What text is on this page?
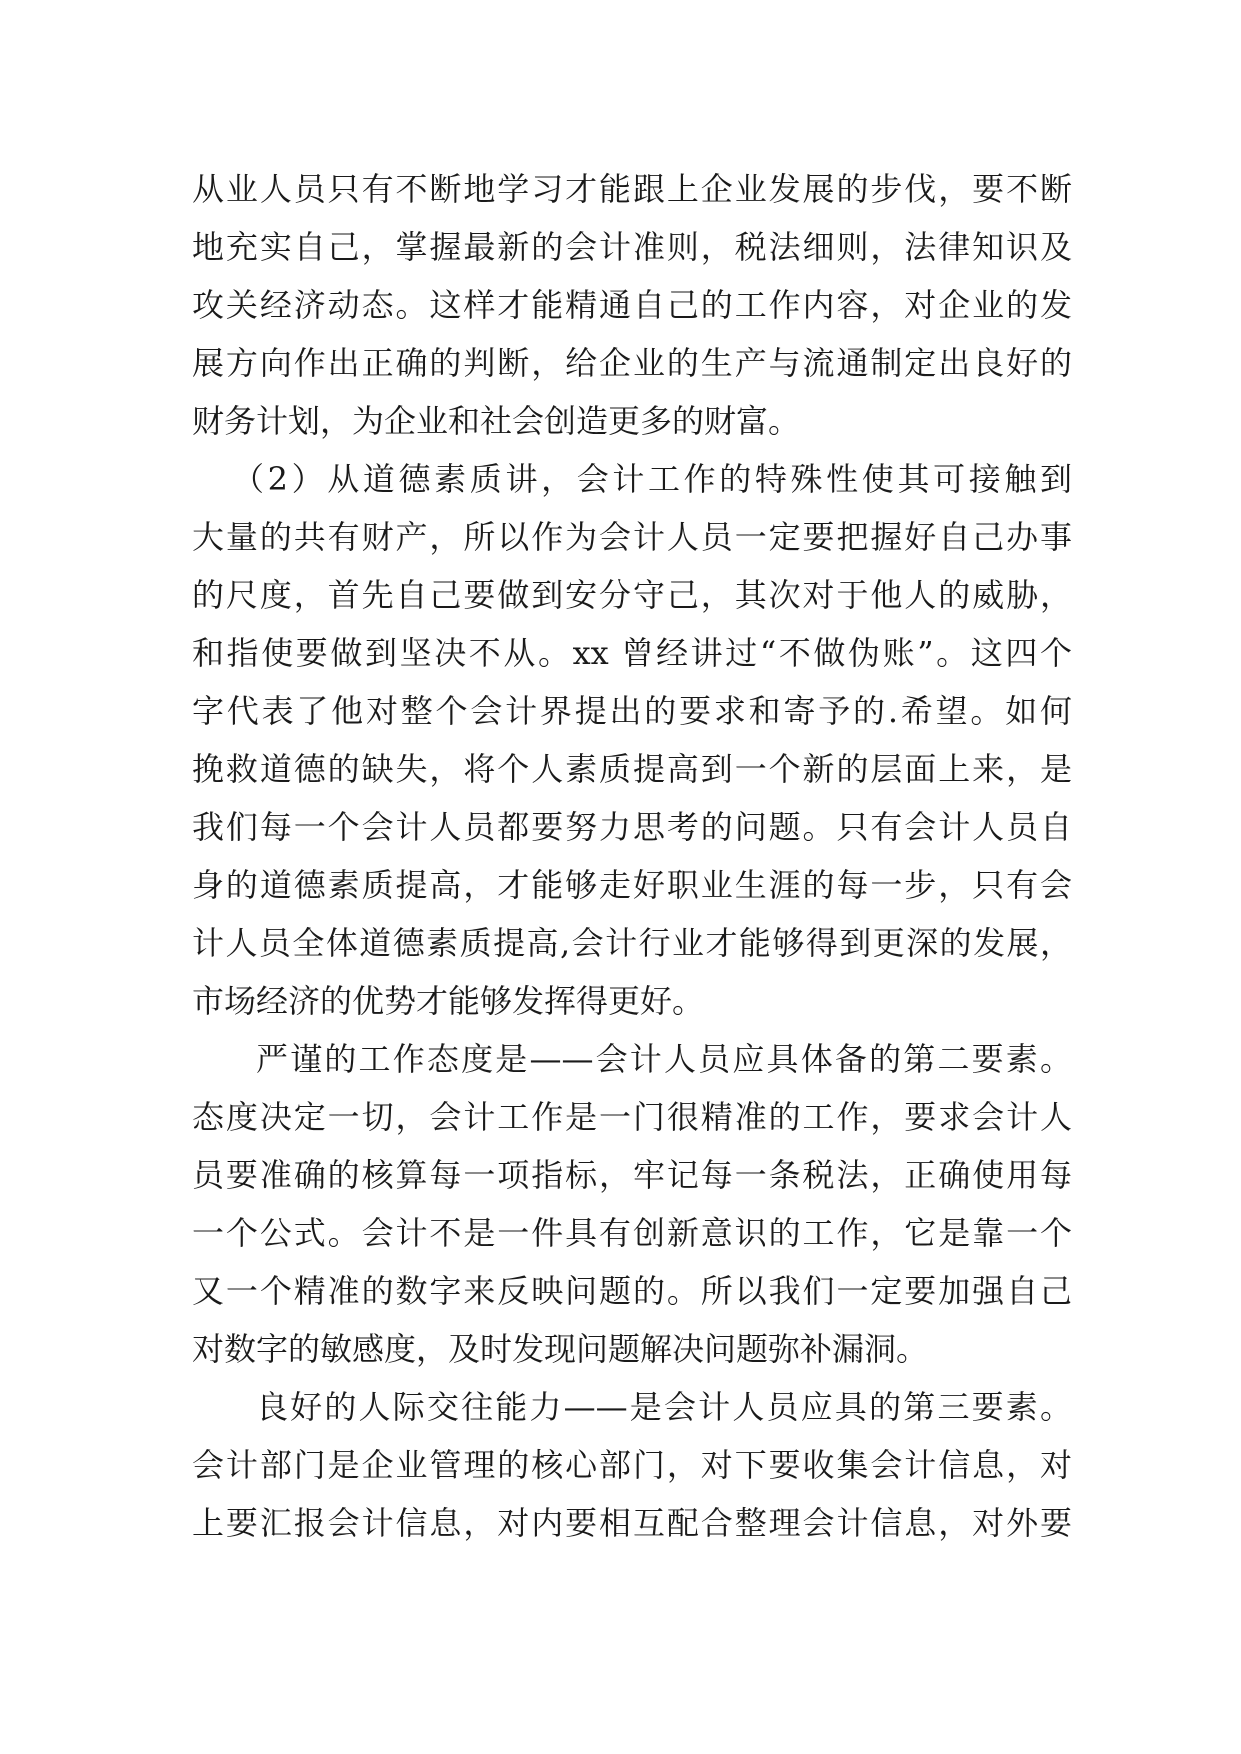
从业人员只有不断地学习才能跟上企业发展的步伐，要不断
地充实自己，掌握最新的会计准则，税法细则，法律知识及
攻关经济动态。这样才能精通自己的工作内容，对企业的发
展方向作出正确的判断，给企业的生产与流通制定出良好的
财务计划，为企业和社会创造更多的财富。
（2）从道德素质讲，会计工作的特殊性使其可接触到
大量的共有财产，所以作为会计人员一定要把握好自己办事
的尺度，首先自己要做到安分守己，其次对于他人的威胁，
和指使要做到坚决不从。xx 曾经讲过“不做伪账”。这四个
字代表了他对整个会计界提出的要求和寄予的.希望。如何
挽救道德的缺失，将个人素质提高到一个新的层面上来，是
我们每一个会计人员都要努力思考的问题。只有会计人员自
身的道德素质提高，才能够走好职业生涯的每一步，只有会
计人员全体道德素质提高,会计行业才能够得到更深的发展，
市场经济的优势才能够发挥得更好。
严谨的工作态度是——会计人员应具体备的第二要素。
态度决定一切，会计工作是一门很精准的工作，要求会计人
员要准确的核算每一项指标，牢记每一条税法，正确使用每
一个公式。会计不是一件具有创新意识的工作，它是靠一个
又一个精准的数字来反映问题的。所以我们一定要加强自己
对数字的敏感度，及时发现问题解决问题弥补漏洞。
良好的人际交往能力——是会计人员应具的第三要素。
会计部门是企业管理的核心部门，对下要收集会计信息，对
上要汇报会计信息，对内要相互配合整理会计信息，对外要
